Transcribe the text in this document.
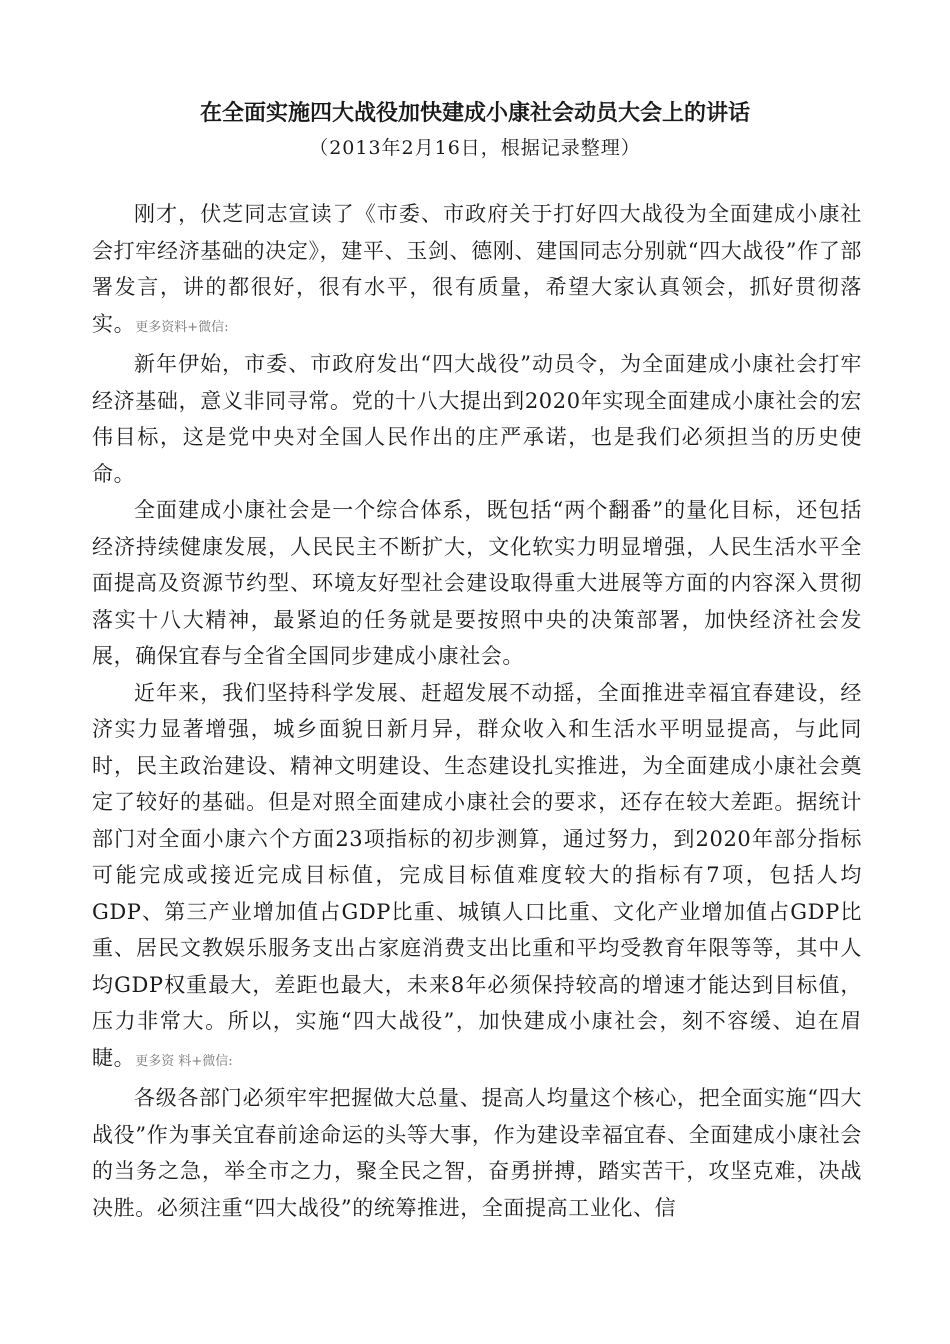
在全面实施四大战役加快建成小康社会动员大会上的讲话
（2013年2月16日，根据记录整理）

刚才，伏芝同志宣读了《市委、市政府关于打好四大战役为全面建成小康社会打牢经济基础的决定》，建平、玉剑、德刚、建国同志分别就“四大战役”作了部署发言，讲的都很好，很有水平，很有质量，希望大家认真领会，抓好贯彻落实。更多资料+微信:

新年伊始，市委、市政府发出“四大战役”动员令，为全面建成小康社会打牢经济基础，意义非同寻常。党的十八大提出到2020年实现全面建成小康社会的宏伟目标，这是党中央对全国人民作出的庄严承诺，也是我们必须担当的历史使命。

全面建成小康社会是一个综合体系，既包括“两个翻番”的量化目标，还包括经济持续健康发展，人民民主不断扩大，文化软实力明显增强，人民生活水平全面提高及资源节约型、环境友好型社会建设取得重大进展等方面的内容深入贯彻落实十八大精神，最紧迫的任务就是要按照中央的决策部署，加快经济社会发展，确保宜春与全省全国同步建成小康社会。

近年来，我们坚持科学发展、赶超发展不动摇，全面推进幸福宜春建设，经济实力显著增强，城乡面貌日新月异，群众收入和生活水平明显提高，与此同时，民主政治建设、精神文明建设、生态建设扎实推进，为全面建成小康社会奠定了较好的基础。但是对照全面建成小康社会的要求，还存在较大差距。据统计部门对全面小康六个方面23项指标的初步测算，通过努力，到2020年部分指标可能完成或接近完成目标值，完成目标值难度较大的指标有7项，包括人均GDP、第三产业增加值占GDP比重、城镇人口比重、文化产业增加值占GDP比重、居民文教娱乐服务支出占家庭消费支出比重和平均受教育年限等等，其中人均GDP权重最大，差距也最大，未来8年必须保持较高的增速才能达到目标值，压力非常大。所以，实施“四大战役”，加快建成小康社会，刻不容缓、迫在眉睫。更多资 料+微信:

各级各部门必须牢牢把握做大总量、提高人均量这个核心，把全面实施“四大战役”作为事关宜春前途命运的头等大事，作为建设幸福宜春、全面建成小康社会的当务之急，举全市之力，聚全民之智，奋勇拼搏，踏实苦干，攻坚克难，决战决胜。必须注重“四大战役”的统筹推进，全面提高工业化、信
